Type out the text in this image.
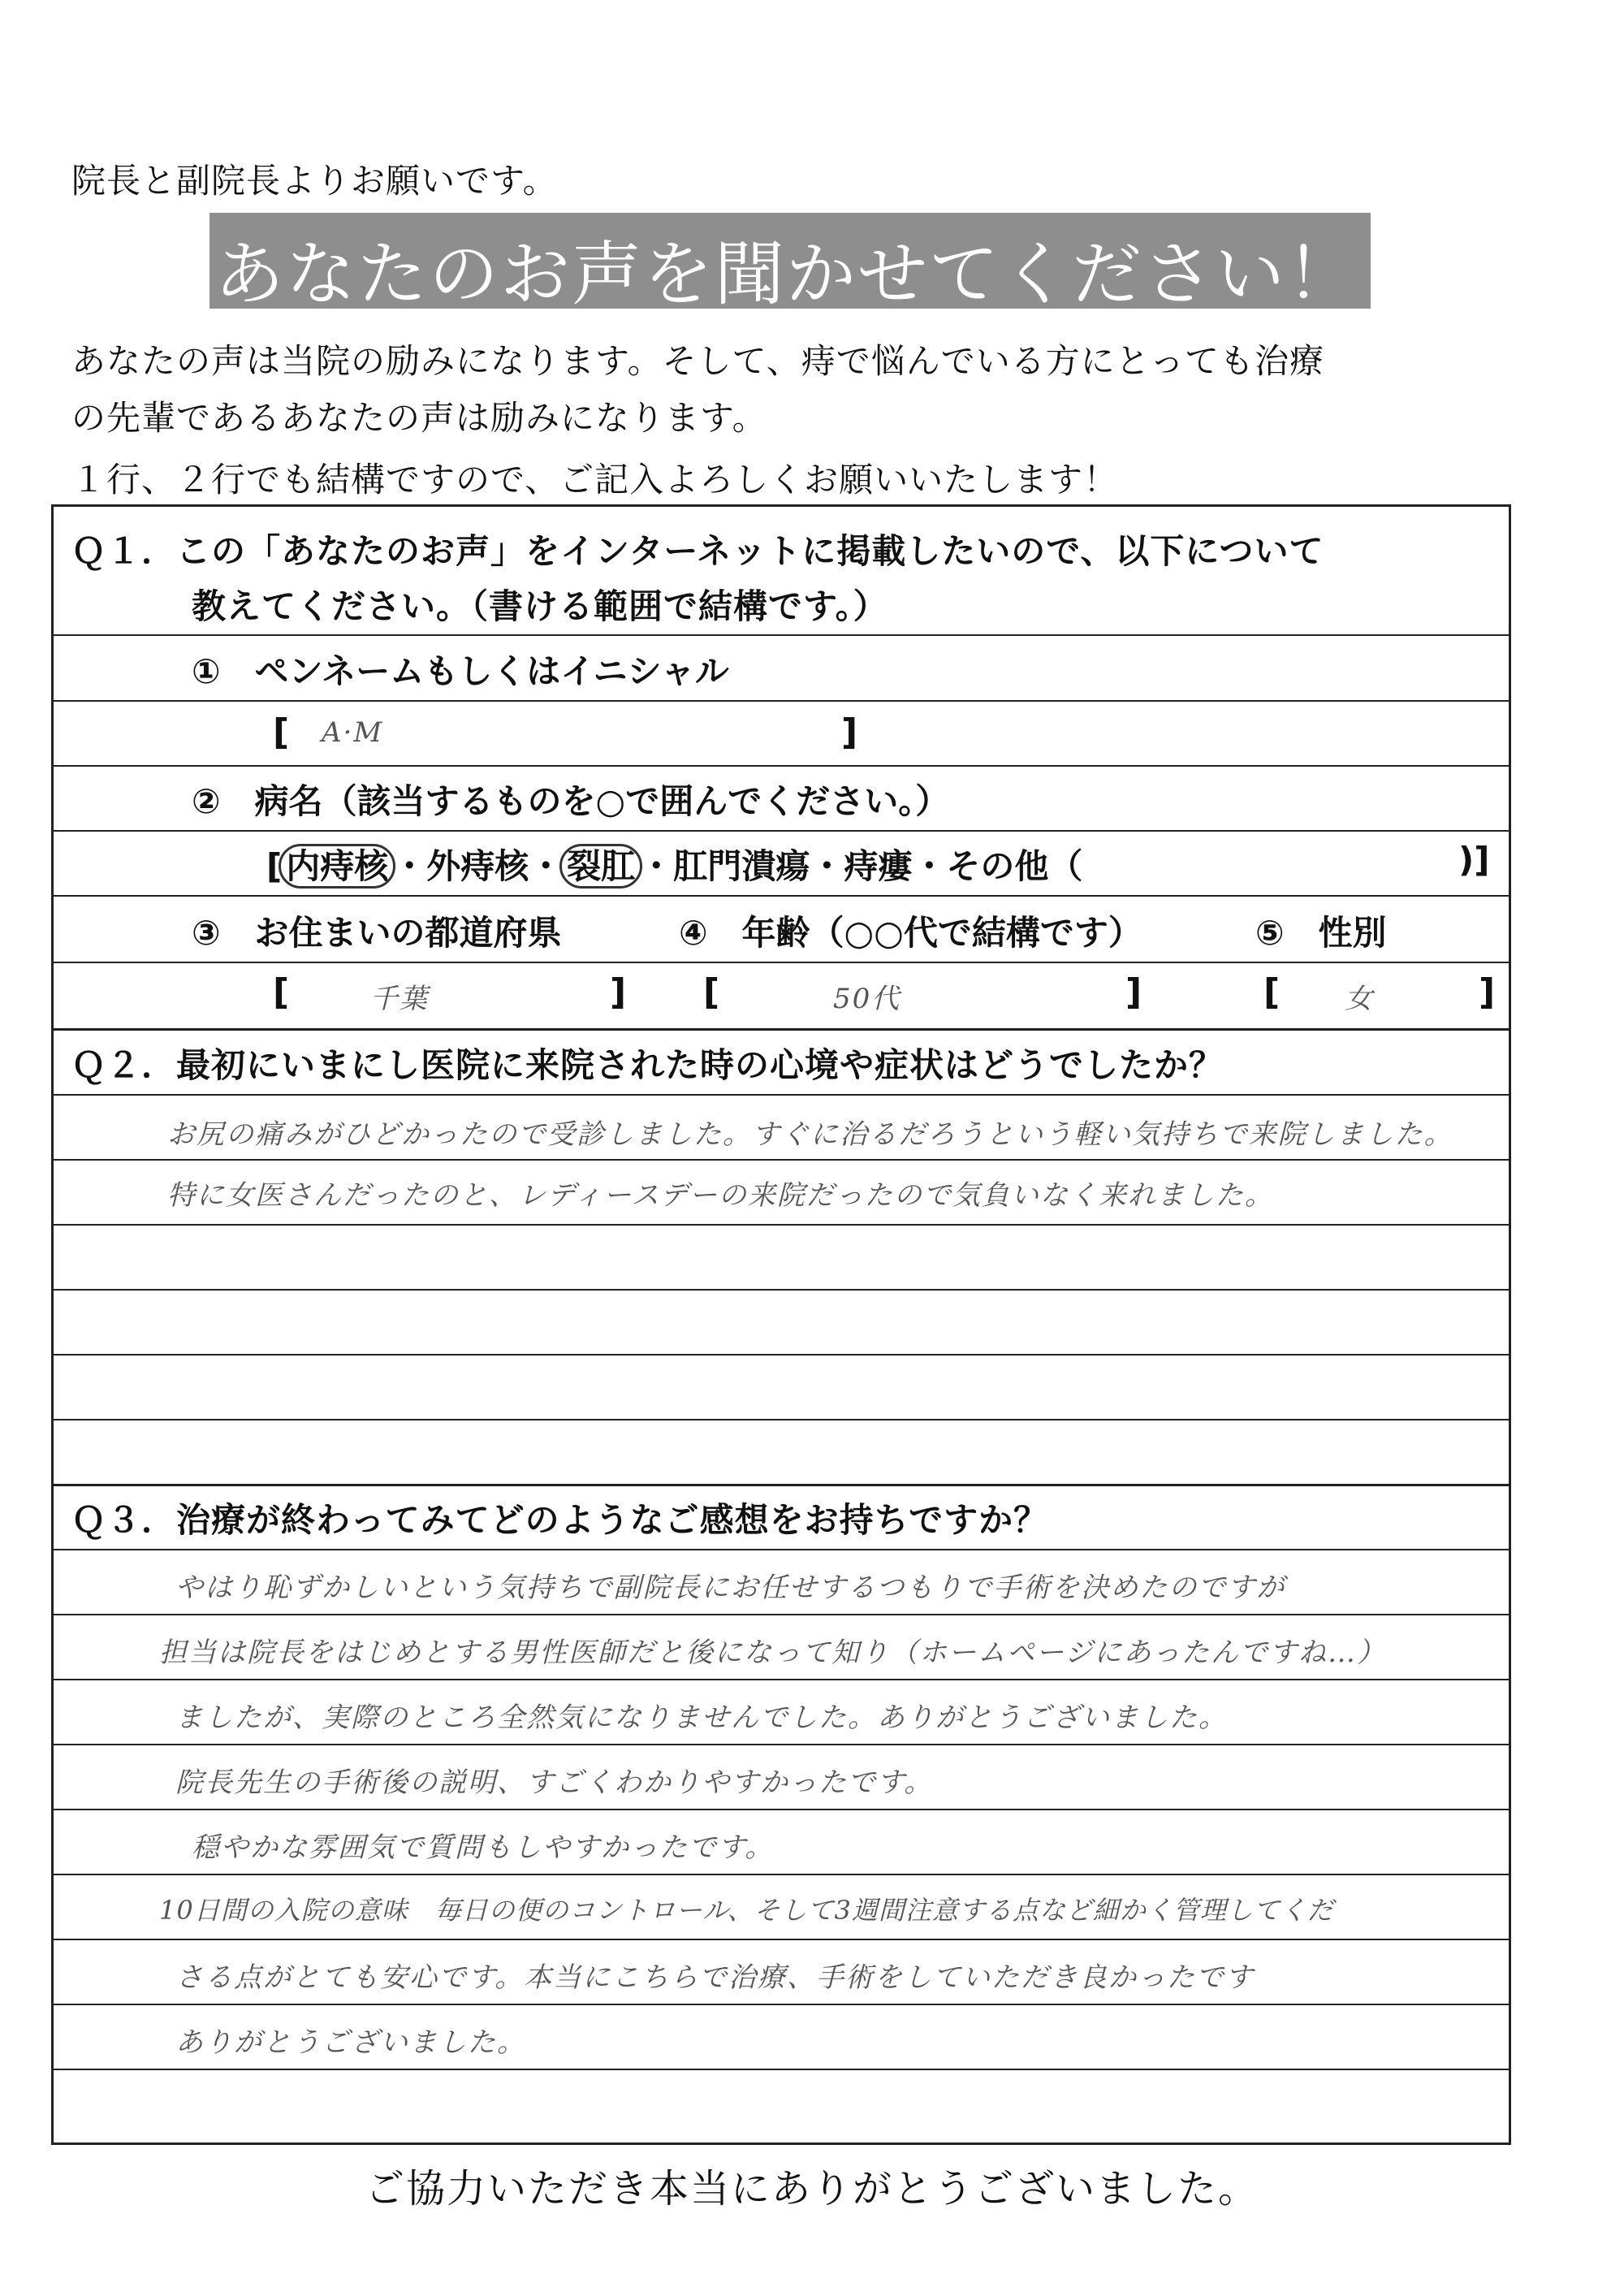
院長と副院長よりお願いです。
あなたのお声を聞かせてください！
あなたの声は当院の励みになります。そして、痔で悩んでいる方にとっても治療
の先輩であるあなたの声は励みになります。
１行、２行でも結構ですので、ご記入よろしくお願いいたします！
Ｑ１．この「あなたのお声」をインターネットに掲載したいので、以下について
教えてください。（書ける範囲で結構です。）
①　ペンネームもしくはイニシャル
[ A·M	]
②　病名（該当するものを○で囲んでください。）
[ 内痔核 ・外痔核・ 裂肛 ・肛門潰瘍・痔瘻・その他（	)]
③　お住まいの都道府県	④　年齢（○○代で結構です）	⑤　性別
[	千葉	] [	50代	]	[ 女	]
Ｑ２．最初にいまにし医院に来院された時の心境や症状はどうでしたか？
お尻の痛みがひどかったので受診しました。すぐに治るだろうという軽い気持ちで来院しました。
特に女医さんだったのと、レディースデーの来院だったので気負いなく来れました。
Ｑ３．治療が終わってみてどのようなご感想をお持ちですか？
やはり恥ずかしいという気持ちで副院長にお任せするつもりで手術を決めたのですが
担当は院長をはじめとする男性医師だと後になって知り（ホームページにあったんですね…）
ましたが、実際のところ全然気になりませんでした。ありがとうございました。
院長先生の手術後の説明、すごくわかりやすかったです。
穏やかな雰囲気で質問もしやすかったです。
10日間の入院の意味　毎日の便のコントロール、そして3週間注意する点など細かく管理してくだ
さる点がとても安心です。本当にこちらで治療、手術をしていただき良かったです
ありがとうございました。
ご協力いただき本当にありがとうございました。
